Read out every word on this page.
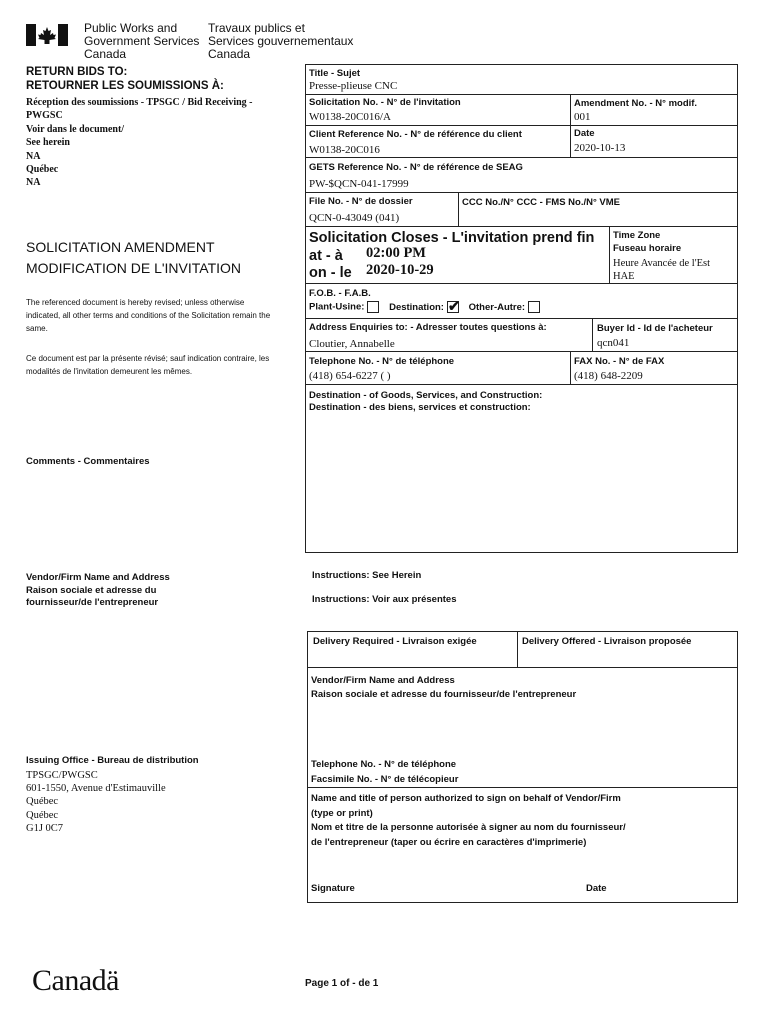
Public Works and
Government Services
Canada
Travaux publics et
Services gouvernementaux
Canada
RETURN BIDS TO:
RETOURNER LES SOUMISSIONS À:
Réception des soumissions - TPSGC / Bid Receiving -
PWGSC
Voir dans le document/
See herein
NA
Québec
NA
SOLICITATION AMENDMENT
MODIFICATION DE L'INVITATION
The referenced document is hereby revised; unless otherwise indicated, all other terms and conditions of the Solicitation remain the same.
Ce document est par la présente révisé; sauf indication contraire, les modalités de l'invitation demeurent les mêmes.
Comments - Commentaires
Vendor/Firm Name and Address
Raison sociale et adresse du
fournisseur/de l'entrepreneur
Issuing Office - Bureau de distribution
TPSGC/PWGSC
601-1550, Avenue d'Estimauville
Québec
Québec
G1J 0C7
Title - Sujet
Presse-plieuse CNC
Solicitation No. - N° de l'invitation
W0138-20C016/A
Amendment No. - N° modif.
001
Client Reference No. - N° de référence du client
W0138-20C016
Date
2020-10-13
GETS Reference No. - N° de référence de SEAG
PW-$QCN-041-17999
File No. - N° de dossier
QCN-0-43049 (041)
CCC No./N° CCC - FMS No./N° VME
Solicitation Closes - L'invitation prend fin
at - à 02:00 PM
on - le 2020-10-29
Time Zone
Fuseau horaire
Heure Avancée de l'Est
HAE
F.O.B. - F.A.B.
Plant-Usine:	Destination:✔	Other-Autre:
Address Enquiries to: - Adresser toutes questions à:
Cloutier, Annabelle
Buyer Id - Id de l'acheteur
qcn041
Telephone No. - N° de téléphone
(418) 654-6227 ( )
FAX No. - N° de FAX
(418) 648-2209
Destination - of Goods, Services, and Construction:
Destination - des biens, services et construction:
Instructions: See Herein
Instructions: Voir aux présentes
Delivery Required - Livraison exigée	Delivery Offered - Livraison proposée
Vendor/Firm Name and Address
Raison sociale et adresse du fournisseur/de l'entrepreneur
Telephone No. - N° de téléphone
Facsimile No. - N° de télécopieur
Name and title of person authorized to sign on behalf of Vendor/Firm
(type or print)
Nom et titre de la personne autorisée à signer au nom du fournisseur/
de l'entrepreneur (taper ou écrire en caractères d'imprimerie)
Signature	Date
Canadä	Page 1 of - de 1
